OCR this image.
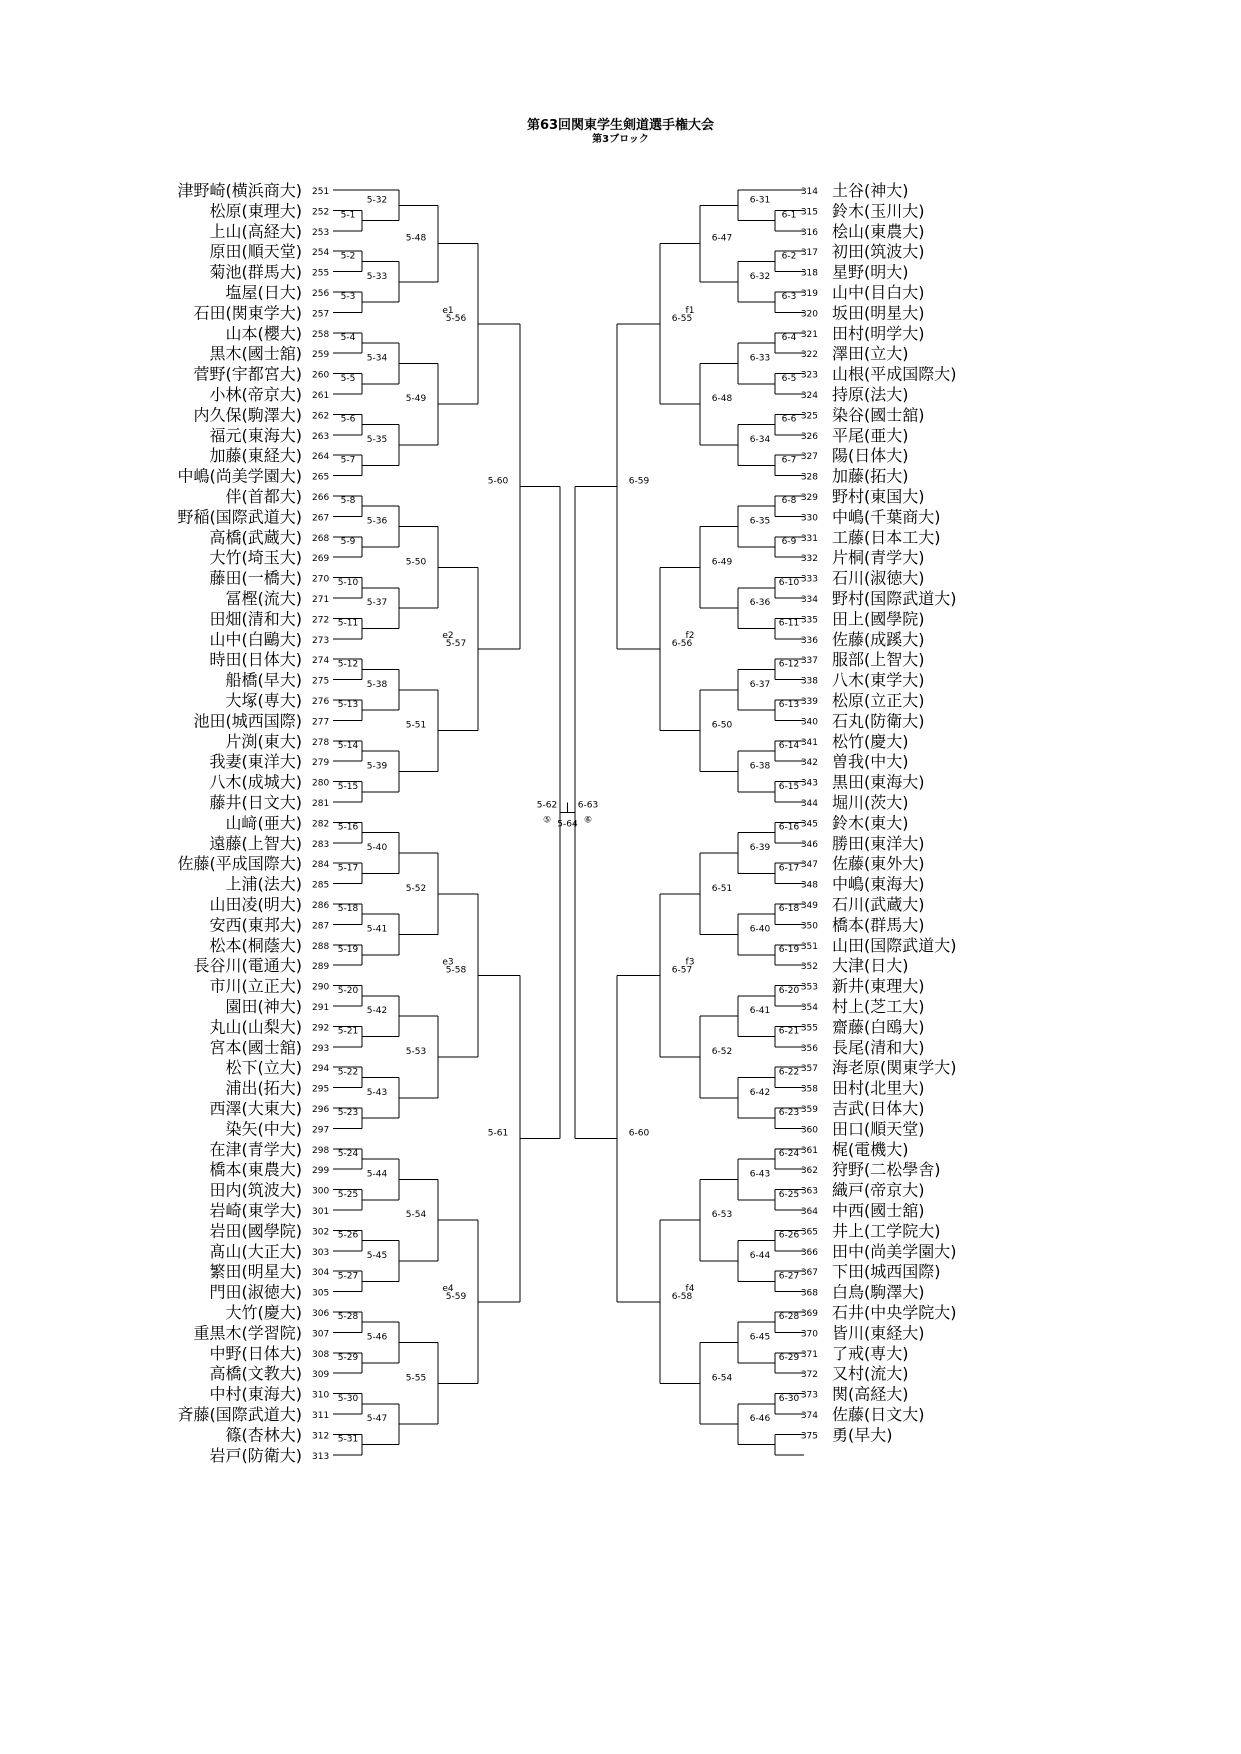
第63回関東学生剣道選手権大会
第3ブロック
津野崎(横浜商大) 251
松原(東理大) 252
上山(高経大) 253
原田(順天堂) 254
菊池(群馬大) 255
塩屋(日大) 256
石田(関東学大) 257
山本(櫻大) 258
黒木(國士舘) 259
菅野(宇都宮大) 260
小林(帝京大) 261
内久保(駒澤大) 262
福元(東海大) 263
加藤(東経大) 264
中嶋(尚美学園大) 265
伴(首都大) 266
野稲(国際武道大) 267
高橋(武蔵大) 268
大竹(埼玉大) 269
藤田(一橋大) 270
冨樫(流大) 271
田畑(清和大) 272
山中(白鷗大) 273
時田(日体大) 274
船橋(早大) 275
大塚(専大) 276
池田(城西国際) 277
片渕(東大) 278
我妻(東洋大) 279
八木(成城大) 280
藤井(日文大) 281
山﨑(亜大) 282
遠藤(上智大) 283
佐藤(平成国際大) 284
上浦(法大) 285
山田凌(明大) 286
安西(東邦大) 287
松本(桐蔭大) 288
長谷川(電通大) 289
市川(立正大) 290
園田(神大) 291
丸山(山梨大) 292
宮本(國士舘) 293
松下(立大) 294
浦出(拓大) 295
西澤(大東大) 296
染矢(中大) 297
在津(青学大) 298
橋本(東農大) 299
田内(筑波大) 300
岩崎(東学大) 301
岩田(國學院) 302
髙山(大正大) 303
繁田(明星大) 304
門田(淑徳大) 305
大竹(慶大) 306
重黒木(学習院) 307
中野(日体大) 308
高橋(文教大) 309
中村(東海大) 310
斉藤(国際武道大) 311
篠(杏林大) 312
岩戸(防衛大) 313
5-1
5-2
5-3
5-4
5-5
5-6
5-7
5-8
5-9
5-10
5-11
5-12
5-13
5-14
5-15
5-16
5-17
5-18
5-19
5-20
5-21
5-22
5-23
5-24
5-25
5-26
5-27
5-28
5-29
5-30
5-31
5-32
5-33
5-34
5-35
5-36
5-37
5-38
5-39
5-40
5-41
5-42
5-43
5-44
5-45
5-46
5-47
5-48
5-49
5-50
5-51
5-52
5-53
5-54
5-55
5-56
e1
5-57
e2
5-58
e3
5-59
e4
5-60
5-61
5-62
⑤
土谷(神大)
314
鈴木(玉川大)
315
桧山(東農大)
316
初田(筑波大)
317
星野(明大)
318
山中(目白大)
319
坂田(明星大)
320
田村(明学大)
321
澤田(立大)
322
山根(平成国際大)
323
持原(法大)
324
染谷(國士舘)
325
平尾(亜大)
326
陽(日体大)
327
加藤(拓大)
328
野村(東国大)
329
中嶋(千葉商大)
330
工藤(日本工大)
331
片桐(青学大)
332
石川(淑徳大)
333
野村(国際武道大)
334
田上(國學院)
335
佐藤(成蹊大)
336
服部(上智大)
337
八木(東学大)
338
松原(立正大)
339
石丸(防衛大)
340
松竹(慶大)
341
曽我(中大)
342
黒田(東海大)
343
堀川(茨大)
344
鈴木(東大)
345
勝田(東洋大)
346
佐藤(東外大)
347
中嶋(東海大)
348
石川(武蔵大)
349
橋本(群馬大)
350
山田(国際武道大)
351
大津(日大)
352
新井(東理大)
353
村上(芝工大)
354
齋藤(白鴎大)
355
長尾(清和大)
356
海老原(関東学大)
357
田村(北里大)
358
吉武(日体大)
359
田口(順天堂)
360
梶(電機大)
361
狩野(二松學舎)
362
織戸(帝京大)
363
中西(國士舘)
364
井上(工学院大)
365
田中(尚美学園大)
366
下田(城西国際)
367
白鳥(駒澤大)
368
石井(中央学院大)
369
皆川(東経大)
370
了戒(専大)
371
又村(流大)
372
関(高経大)
373
佐藤(日文大)
374
勇(早大)
375
6-1
6-2
6-3
6-4
6-5
6-6
6-7
6-8
6-9
6-10
6-11
6-12
6-13
6-14
6-15
6-16
6-17
6-18
6-19
6-20
6-21
6-22
6-23
6-24
6-25
6-26
6-27
6-28
6-29
6-30
6-31
6-32
6-33
6-34
6-35
6-36
6-37
6-38
6-39
6-40
6-41
6-42
6-43
6-44
6-45
6-46
6-47
6-48
6-49
6-50
6-51
6-52
6-53
6-54
6-55
f1
6-56
f2
6-57
f3
6-58
f4
6-59
6-60
6-63
⑥
5-64
